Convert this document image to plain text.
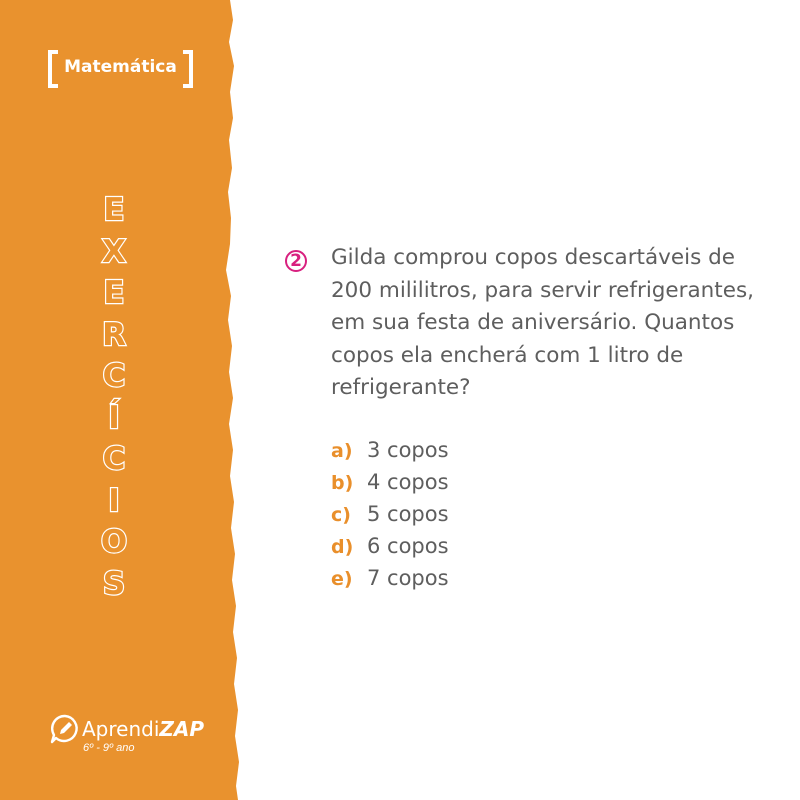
Matemática
E
X
E
R
C
Í
C
I
O
S
AprendiZAP
6º - 9º ano
2 Gilda comprou copos descartáveis de 200 mililitros, para servir refrigerantes, em sua festa de aniversário. Quantos copos ela encherá com 1 litro de refrigerante?

a) 3 copos
b) 4 copos
c) 5 copos
d) 6 copos
e) 7 copos
